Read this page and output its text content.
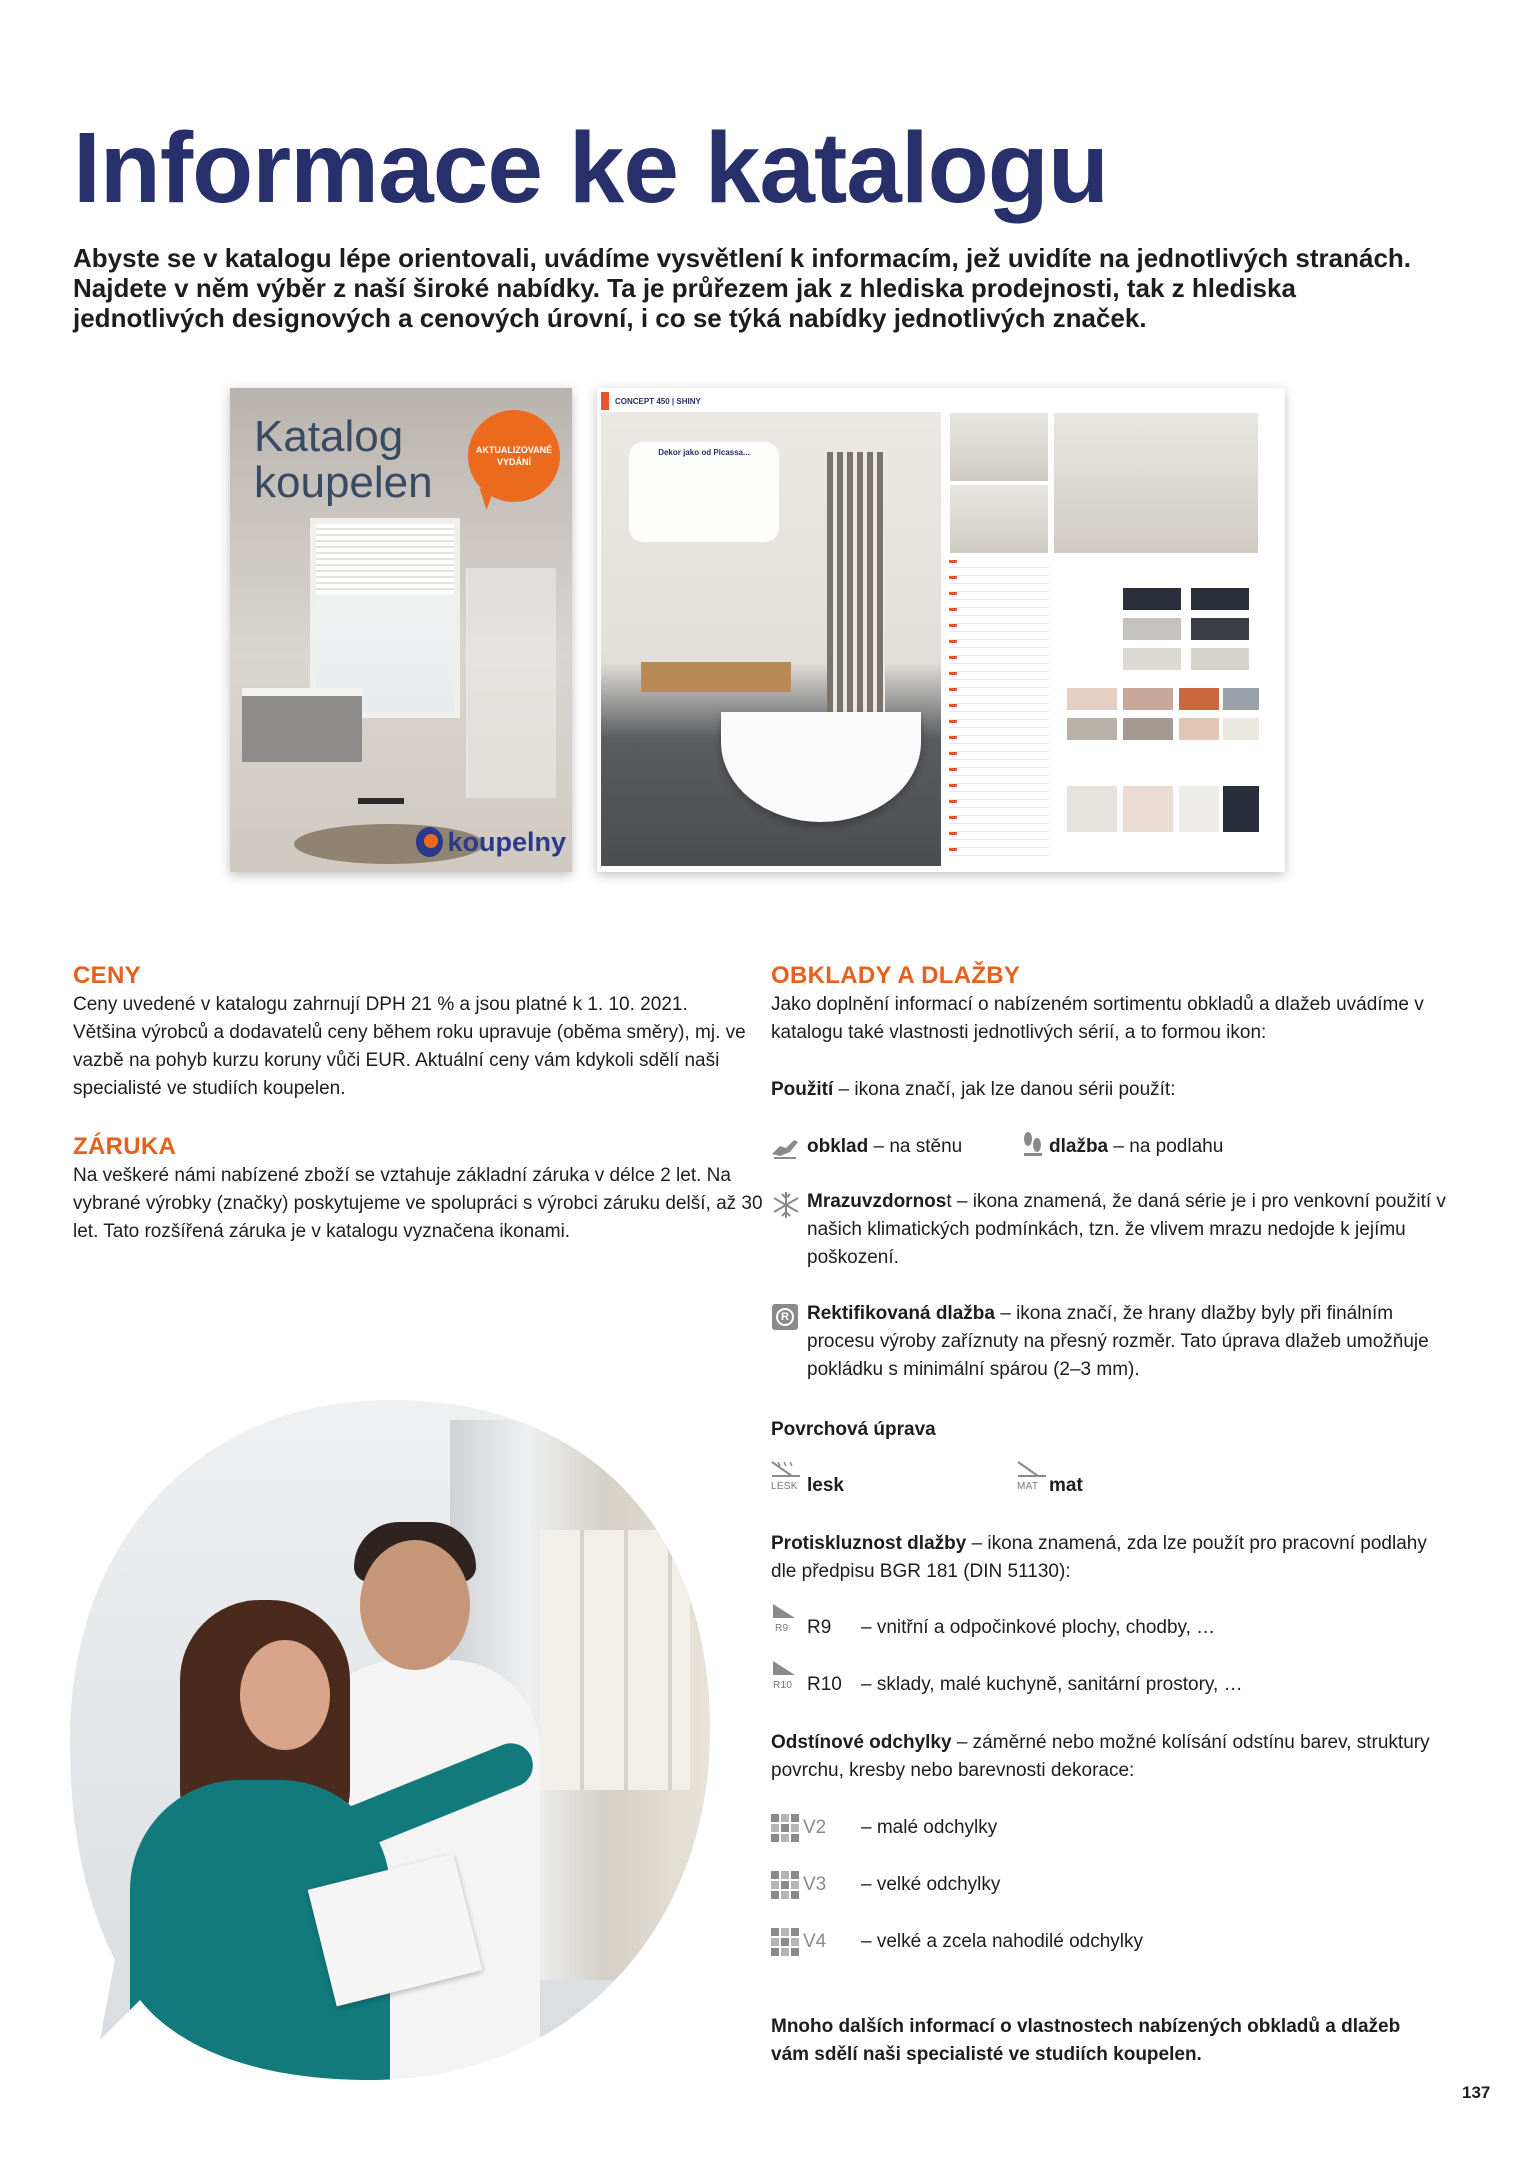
Informace ke katalogu

Abyste se v katalogu lépe orientovali, uvádíme vysvětlení k informacím, jež uvidíte na jednotlivých stranách. Najdete v něm výběr z naší široké nabídky. Ta je průřezem jak z hlediska prodejnosti, tak z hlediska jednotlivých designových a cenových úrovní, i co se týká nabídky jednotlivých značek.

Katalog koupelen
AKTUALIZOVANÉ VYDÁNÍ
koupelny
Dekor jako od Picassa...
CONCEPT 450 | SHINY
CENY

Ceny uvedené v katalogu zahrnují DPH 21 % a jsou platné k 1. 10. 2021. Většina výrobců a dodavatelů ceny během roku upravuje (oběma směry), mj. ve vazbě na pohyb kurzu koruny vůči EUR. Aktuální ceny vám kdykoli sdělí naši specialisté ve studiích koupelen.

ZÁRUKA

Na veškeré námi nabízené zboží se vztahuje základní záruka v délce 2 let. Na vybrané výrobky (značky) poskytujeme ve spolupráci s výrobci záruku delší, až 30 let. Tato rozšířená záruka je v katalogu vyznačena ikonami.

OBKLADY A DLAŽBY

Jako doplnění informací o nabízeném sortimentu obkladů a dlažeb uvádíme v katalogu také vlastnosti jednotlivých sérií, a to formou ikon:

Použití – ikona značí, jak lze danou sérii použít:
obklad – na stěnu	dlažba – na podlahu

Mrazuvzdornost – ikona znamená, že daná série je i pro venkovní použití v našich klimatických podmínkách, tzn. že vlivem mrazu nedojde k jejímu poškození.

R Rektifikovaná dlažba – ikona značí, že hrany dlažby byly při finálním procesu výroby zaříznuty na přesný rozměr. Tato úprava dlažeb umožňuje pokládku s minimální spárou (2–3 mm).

Povrchová úprava
LESK lesk	MAT mat

Protiskluznost dlažby – ikona znamená, zda lze použít pro pracovní podlahy dle předpisu BGR 181 (DIN 51130):

R9 R9 – vnitřní a odpočinkové plochy, chodby, …
R10 R10 – sklady, malé kuchyně, sanitární prostory, …

Odstínové odchylky – záměrné nebo možné kolísání odstínu barev, struktury povrchu, kresby nebo barevnosti dekorace:

V2 – malé odchylky
V3 – velké odchylky
V4 – velké a zcela nahodilé odchylky

Mnoho dalších informací o vlastnostech nabízených obkladů a dlažeb vám sdělí naši specialisté ve studiích koupelen.

137
